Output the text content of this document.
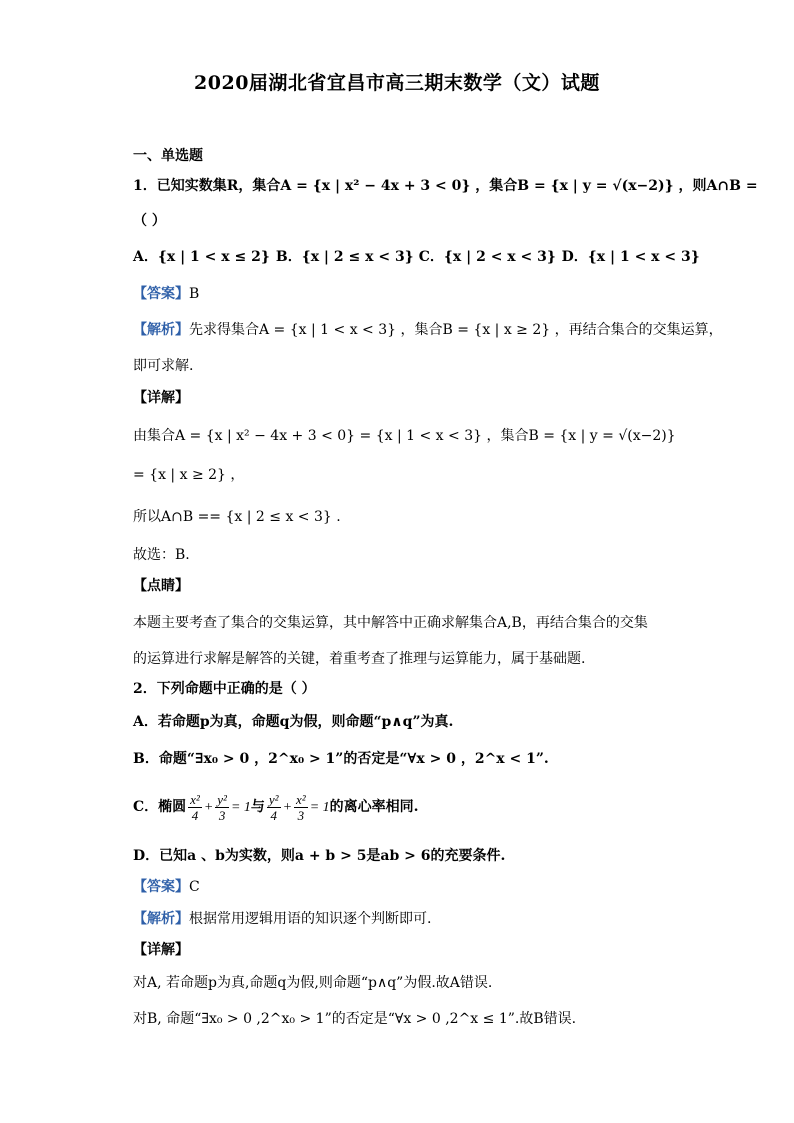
2020届湖北省宜昌市高三期末数学（文）试题
一、单选题
1．已知实数集R，集合A = {x | x² − 4x + 3 < 0} ，集合B = {x | y = √(x−2)} ，则A∩B =
（ ）
A．{x | 1 < x ≤ 2} B．{x | 2 ≤ x < 3} C．{x | 2 < x < 3} D．{x | 1 < x < 3}
【答案】B
【解析】先求得集合A = {x | 1 < x < 3} ，集合B = {x | x ≥ 2} ，再结合集合的交集运算，
即可求解.
【详解】
由集合A = {x | x² − 4x + 3 < 0} = {x | 1 < x < 3} ，集合B = {x | y = √(x−2)}
= {x | x ≥ 2} ，
所以A∩B == {x | 2 ≤ x < 3} .
故选：B.
【点睛】
本题主要考查了集合的交集运算，其中解答中正确求解集合A,B，再结合集合的交集
的运算进行求解是解答的关键，着重考查了推理与运算能力，属于基础题.
2．下列命题中正确的是（ ）
A．若命题p为真，命题q为假，则命题“p∧q”为真.
B．命题“∃x₀ > 0 ，2^x₀ > 1”的否定是“∀x > 0 ，2^x < 1”.
C．椭圆 $\frac{\text{x²}}{4} + \frac{\text{y²}}{3} = 1$与 $\frac{\text{y²}}{4} + \frac{\text{x²}}{3} = 1$的离心率相同.
D．已知a 、b为实数，则a + b > 5是ab > 6的充要条件.
【答案】C
【解析】根据常用逻辑用语的知识逐个判断即可.
【详解】
对A, 若命题p为真,命题q为假,则命题“p∧q”为假.故A错误.
对B, 命题“∃x₀ > 0 ,2^x₀ > 1”的否定是“∀x > 0 ,2^x ≤ 1”.故B错误.
